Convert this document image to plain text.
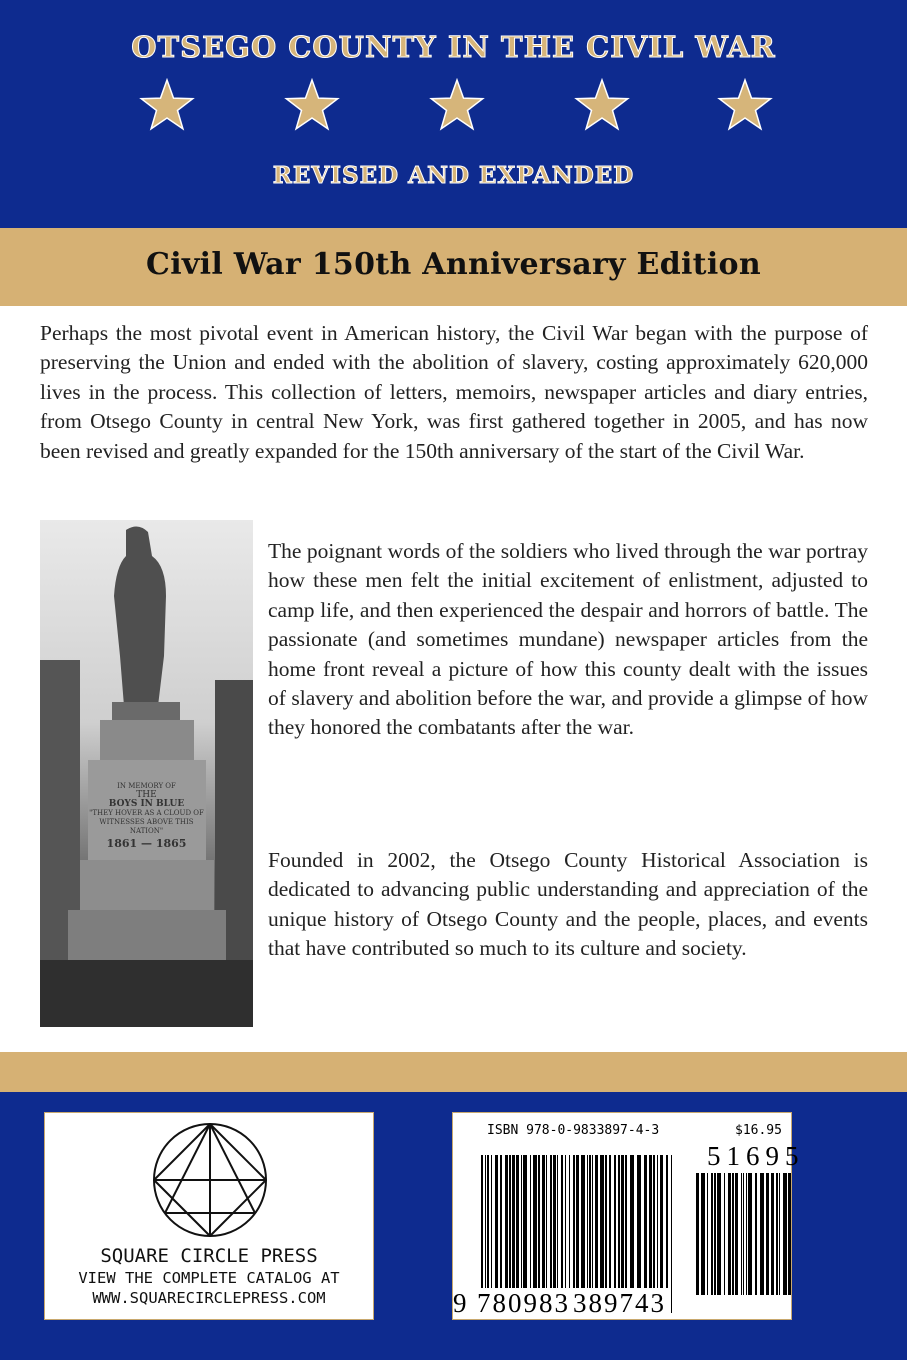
OTSEGO COUNTY IN THE CIVIL WAR
REVISED AND EXPANDED
Civil War 150th Anniversary Edition
Perhaps the most pivotal event in American history, the Civil War began with the purpose of preserving the Union and ended with the abolition of slavery, costing approximately 620,000 lives in the process. This collection of letters, memoirs, newspaper articles and diary entries, from Otsego County in central New York, was first gathered together in 2005, and has now been revised and greatly expanded for the 150th anniversary of the start of the Civil War.
IN MEMORY OF
THE
BOYS IN BLUE
"THEY HOVER AS A CLOUD OF
WITNESSES ABOVE THIS
NATION"
1861 — 1865
The poignant words of the soldiers who lived through the war portray how these men felt the initial excitement of enlistment, adjusted to camp life, and then experienced the despair and horrors of battle. The passionate (and sometimes mundane) newspaper articles from the home front reveal a picture of how this county dealt with the issues of slavery and abolition before the war, and provide a glimpse of how they honored the combatants after the war.
Founded in 2002, the Otsego County Historical Association is dedicated to advancing public understanding and appreciation of the unique history of Otsego County and the people, places, and events that have contributed so much to its culture and society.
SQUARE CIRCLE PRESS
VIEW THE COMPLETE CATALOG AT
WWW.SQUARECIRCLEPRESS.COM
ISBN 978-0-9833897-4-3	$16.95
51695
9 780983 389743
